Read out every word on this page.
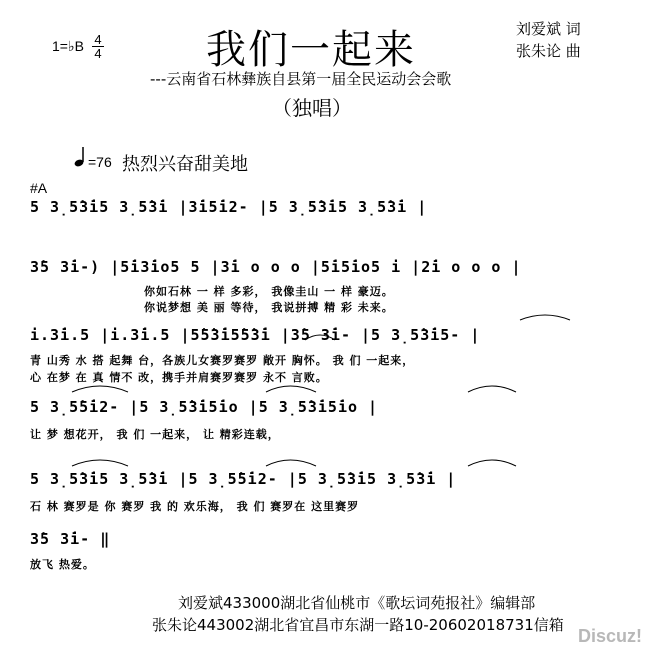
1=♭B 4
4	我们一起来	刘爱斌 词
张朱论 曲
---云南省石林彝族自县第一届全民运动会会歌
（独唱）
=76 热烈兴奋甜美地
#A
5 3̣5̇3̇i5 3̣5̇3̇i |3̇i5̇i2- |5 3̣5̇3̇i5 3̣5̇3̇i |
3̇5 3̇i-) |5̇i3̇io5 5 |3̇i o o o |5̇i5̇io5 i |2̇i o o o |
你如石林 一 样 多彩， 我像圭山 一 样 豪迈。
你说梦想 美 丽 等待， 我说拼搏 精 彩 未来。
i.3̇i.5 |i.3̇i.5 |5̇5̇3̇i5̇5̇3̇i |3̇5 3̇i- |5 3̣5̇3̇i5- |
青 山秀 水 搭 起舞 台，各族儿女赛罗赛罗 敞开 胸怀。 我 们 一起来，
心 在梦 在 真 情不 改，携手并肩赛罗赛罗 永不 言败。
5 3̣5̇5̇i2- |5 3̣5̇3̇i5̇io |5 3̣5̇3̇i5̇io |
让 梦 想花开， 我 们 一起来， 让 精彩连载，
5 3̣5̇3̇i5 3̣5̇3̇i |5 3̣5̇5̇i2- |5 3̣5̇3̇i5 3̣5̇3̇i |
石 林 赛罗是 你 赛罗 我 的 欢乐海， 我 们 赛罗在 这里赛罗
3̇5 3̇i- ‖
放飞 热爱。
刘爱斌433000湖北省仙桃市《歌坛词苑报社》编辑部
张朱论443002湖北省宜昌市东湖一路10-20602018731信箱
Discuz!
